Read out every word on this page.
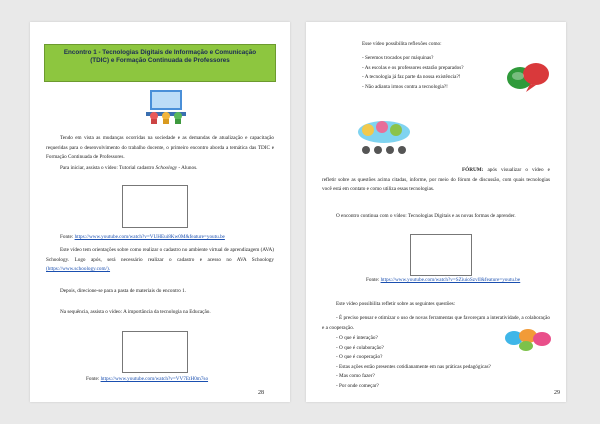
Encontro 1 - Tecnologias Digitais de Informação e Comunicação
(TDIC) e Formação Continuada de Professores
Tendo em vista as mudanças ocorridas na sociedade e as demandas de atualização e capacitação requeridas para o desenvolvimento do trabalho docente, o primeiro encontro aborda a temática das TDIC e Formação Continuada de Professores.
Para iniciar, assista o vídeo: Tutorial cadastro Schoology - Alunos.
Fonte: https://www.youtube.com/watch?v=VUHEui8Kw0M&feature=youtu.be
Este vídeo tem orientações sobre como realizar o cadastro no ambiente virtual de aprendizagem (AVA) Schoology. Logo após, será necessário realizar o cadastro e acesso no AVA Schoology (https://www.schoology.com/).
Depois, direcione-se para a pasta de materiais do encontro 1.
Na sequência, assista o vídeo: A importância da tecnologia na Educação.
Fonte: https://www.youtube.com/watch?v=VV7EtH0m7so
28
Esse vídeo possibilita reflexões como:
- Seremos trocados por máquinas?
- As escolas e os professores estarão preparados?
- A tecnologia já faz parte da nossa existência?!
- Não adianta irmos contra a tecnologia?!
FÓRUM: após visualizar o vídeo e refletir sobre as questões acima citadas, informe, por meio do fórum de discussão, com quais tecnologias você está em contato e como utiliza essas tecnologias.
O encontro continua com o vídeo: Tecnologias Digitais e as novas formas de aprender.
Fonte: https://www.youtube.com/watch?v=SZiuioSzvlI&feature=youtu.be
Este vídeo possibilita refletir sobre as seguintes questões:
- É preciso pensar e otimizar o uso de novas ferramentas que favoreçam a interatividade, a colaboração e a cooperação.
- O que é interação?
- O que é colaboração?
- O que é cooperação?
- Estas ações estão presentes cotidianamente em nas práticas pedagógicas?
- Mas como fazer?
- Por onde começar?
29
